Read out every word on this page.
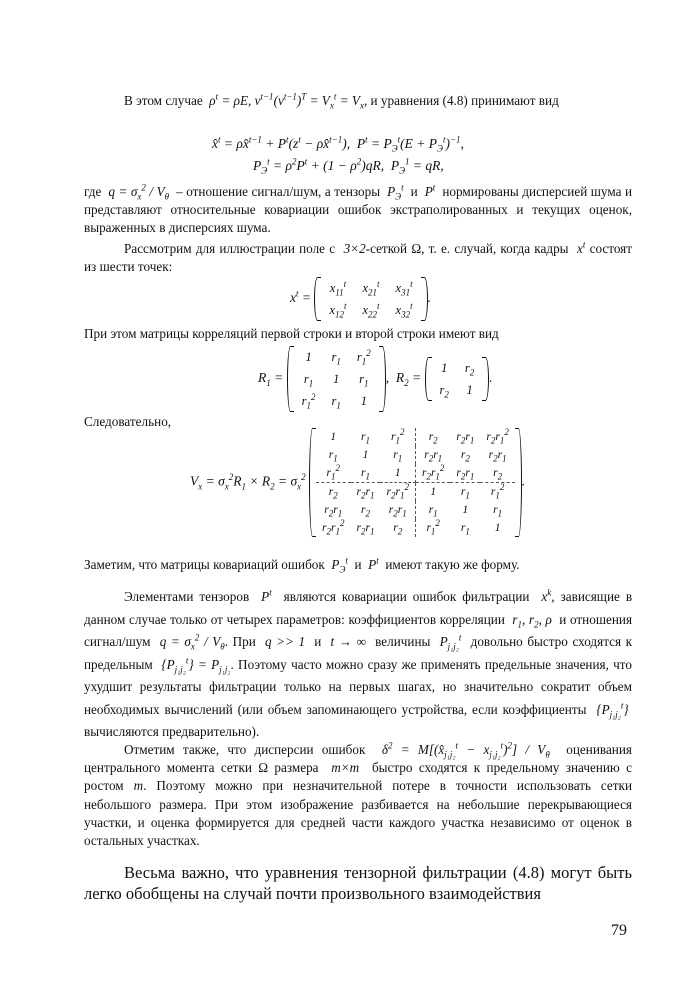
В этом случае  $\rho^t = \rho E$, $\nu^{t-1}(\nu^{t-1})^T = V_x^t = V_x$, и уравнения (4.8) принимают вид
x̂$^t$ = ρx̂$^{t-1}$ + $P^t(z^t$ − ρx̂$^{t-1}$),  $P^t = P_Э^t(E + P_Э^t)^{-1}$,
$P_Э^t = \rho^2P^t + (1 - \rho^2)qR$,  $P_Э^1$ = qR,
где  $q = \sigma_x^2 / V_\theta$ – отношение сигнал/шум, а тензоры  $P_Э^t$ и  $P^t$ нормированы дисперсией шума и представляют относительные ковариации ошибок экстраполированных и текущих оценок, выраженных в дисперсиях шума.
Рассмотрим для иллюстрации поле с  3×2-сеткой Ω, т. е. случай, когда кадры  $x^t$ состоят из шести точек:
$x^t$ =
$x_{11}^t$	$x_{21}^t$	$x_{31}^t$
$x_{12}^t$	$x_{22}^t$	$x_{32}^t$
.
При этом матрицы корреляций первой строки и второй строки имеют вид
$R_1$ =
1	$r_1$	$r_1^2$
$r_1$	1	$r_1$
$r_1^2$	$r_1$	1
,  $R_2$ =
1	$r_2$
$r_2$	1
.
Следовательно,
$V_x = \sigma_x^2R_1 \times R_2 = \sigma_x^2$
1	$r_1$	$r_1^2$	$r_2$	$r_2r_1$	$r_2r_1^2$
$r_1$	1	$r_1$	$r_2r_1$	$r_2$	$r_2r_1$
$r_1^2$	$r_1$	1	$r_2r_1^2$	$r_2r_1$	$r_2$
$r_2$	$r_2r_1$	$r_2r_1^2$	1	$r_1$	$r_1^2$
$r_2r_1$	$r_2$	$r_2r_1$	$r_1$	1	$r_1$
$r_2r_1^2$	$r_2r_1$	$r_2$	$r_1^2$	$r_1$	1
.
Заметим, что матрицы ковариаций ошибок  $P_Э^t$ и  $P^t$ имеют такую же форму.
Элементами тензоров  $P^t$ являются ковариации ошибок фильтрации  $x^k$, зависящие в данном случае только от четырех параметров: коэффициентов корреляции  $r_1$, $r_2$, ρ  и отношения сигнал/шум  $q = \sigma_x^2 / V_\theta$. При  q >> 1  и  t → ∞  величины  $P_{j_1j_2}^t$ довольно быстро сходятся к предельным  $\{P_{j_1j_2}^t\} = P_{j_1j_2}$. Поэтому часто можно сразу же применять предельные значения, что ухудшит результаты фильтрации только на первых шагах, но значительно сократит объем необходимых вычислений (или объем запоминающего устройства, если коэффициенты  $\{P_{j_1j_2}^t\}$  вычисляются предварительно).
Отметим также, что дисперсии ошибок  $\delta^2$ = $M[(x̂_{j_1j_2}^t - x_{j_1j_2}^t)^2] / V_\theta$ оценивания центрального момента сетки Ω размера  m×m  быстро сходятся к предельному значению с ростом m. Поэтому можно при незначительной потере в точности использовать сетки небольшого размера. При этом изображение разбивается на небольшие перекрывающиеся участки, и оценка формируется для средней части каждого участка независимо от оценок в остальных участках.
Весьма важно, что уравнения тензорной фильтрации (4.8) могут быть легко обобщены на случай почти произвольного взаимодействия
79
